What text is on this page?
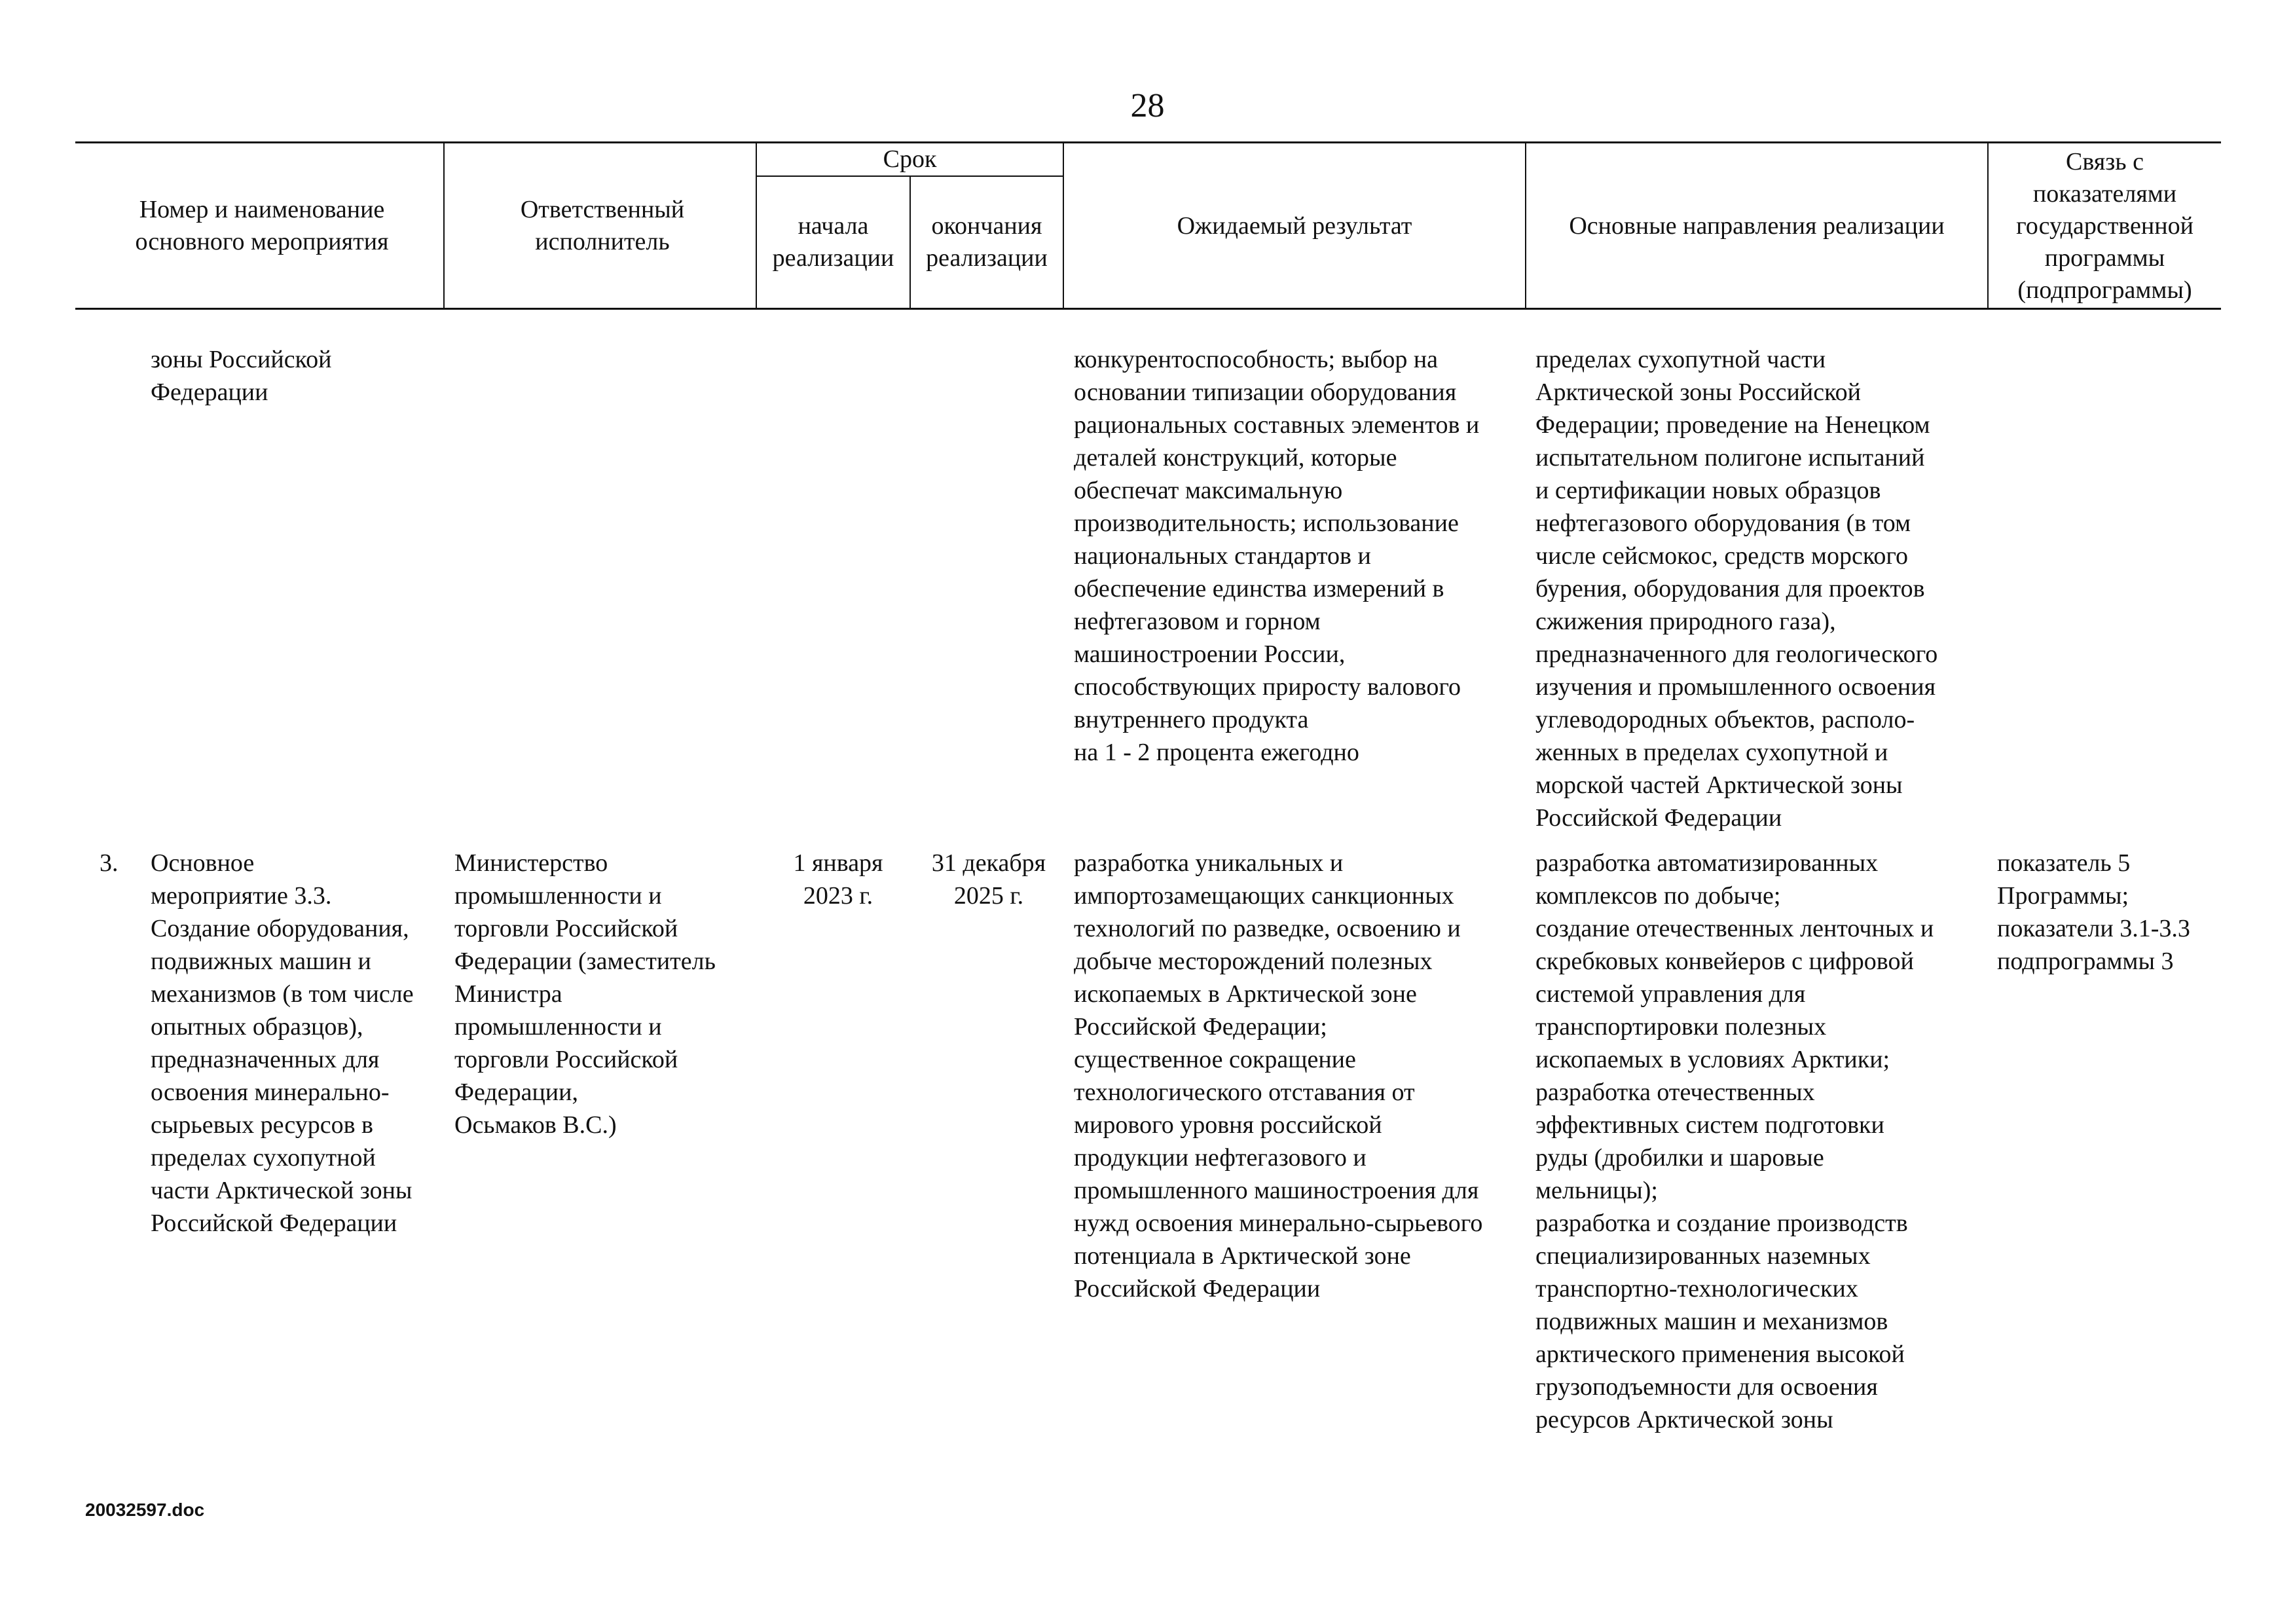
28
Номер и наименование основного мероприятия
Ответственный исполнитель
Срок
начала реализации
окончания реализации
Ожидаемый результат	Основные направления реализации
Связь с показателями государственной программы (подпрограммы)
зоны Российской
Федерации
конкурентоспособность; выбор на
основании типизации оборудования
рациональных составных элементов и
деталей конструкций, которые
обеспечат максимальную
производительность; использование
национальных стандартов и
обеспечение единства измерений в
нефтегазовом и горном
машиностроении России,
способствующих приросту валового
внутреннего продукта
на 1 - 2 процента ежегодно
пределах сухопутной части
Арктической зоны Российской
Федерации; проведение на Ненецком
испытательном полигоне испытаний
и сертификации новых образцов
нефтегазового оборудования (в том
числе сейсмокос, средств морского
бурения, оборудования для проектов
сжижения природного газа),
предназначенного для геологического
изучения и промышленного освоения
углеводородных объектов, располо-
женных в пределах сухопутной и
морской частей Арктической зоны
Российской Федерации
3.	Основное
мероприятие 3.3.
Создание оборудования,
подвижных машин и
механизмов (в том числе
опытных образцов),
предназначенных для
освоения минерально-
сырьевых ресурсов в
пределах сухопутной
части Арктической зоны
Российской Федерации
Министерство
промышленности и
торговли Российской
Федерации (заместитель
Министра
промышленности и
торговли Российской
Федерации,
Осьмаков В.С.)
1 января
2023 г.
31 декабря
2025 г.
разработка уникальных и
импортозамещающих санкционных
технологий по разведке, освоению и
добыче месторождений полезных
ископаемых в Арктической зоне
Российской Федерации;
существенное сокращение
технологического отставания от
мирового уровня российской
продукции нефтегазового и
промышленного машиностроения для
нужд освоения минерально-сырьевого
потенциала в Арктической зоне
Российской Федерации
разработка автоматизированных
комплексов по добыче;
создание отечественных ленточных и
скребковых конвейеров с цифровой
системой управления для
транспортировки полезных
ископаемых в условиях Арктики;
разработка отечественных
эффективных систем подготовки
руды (дробилки и шаровые
мельницы);
разработка и создание производств
специализированных наземных
транспортно-технологических
подвижных машин и механизмов
арктического применения высокой
грузоподъемности для освоения
ресурсов Арктической зоны
показатель 5
Программы;
показатели 3.1-3.3
подпрограммы 3
20032597.doc
